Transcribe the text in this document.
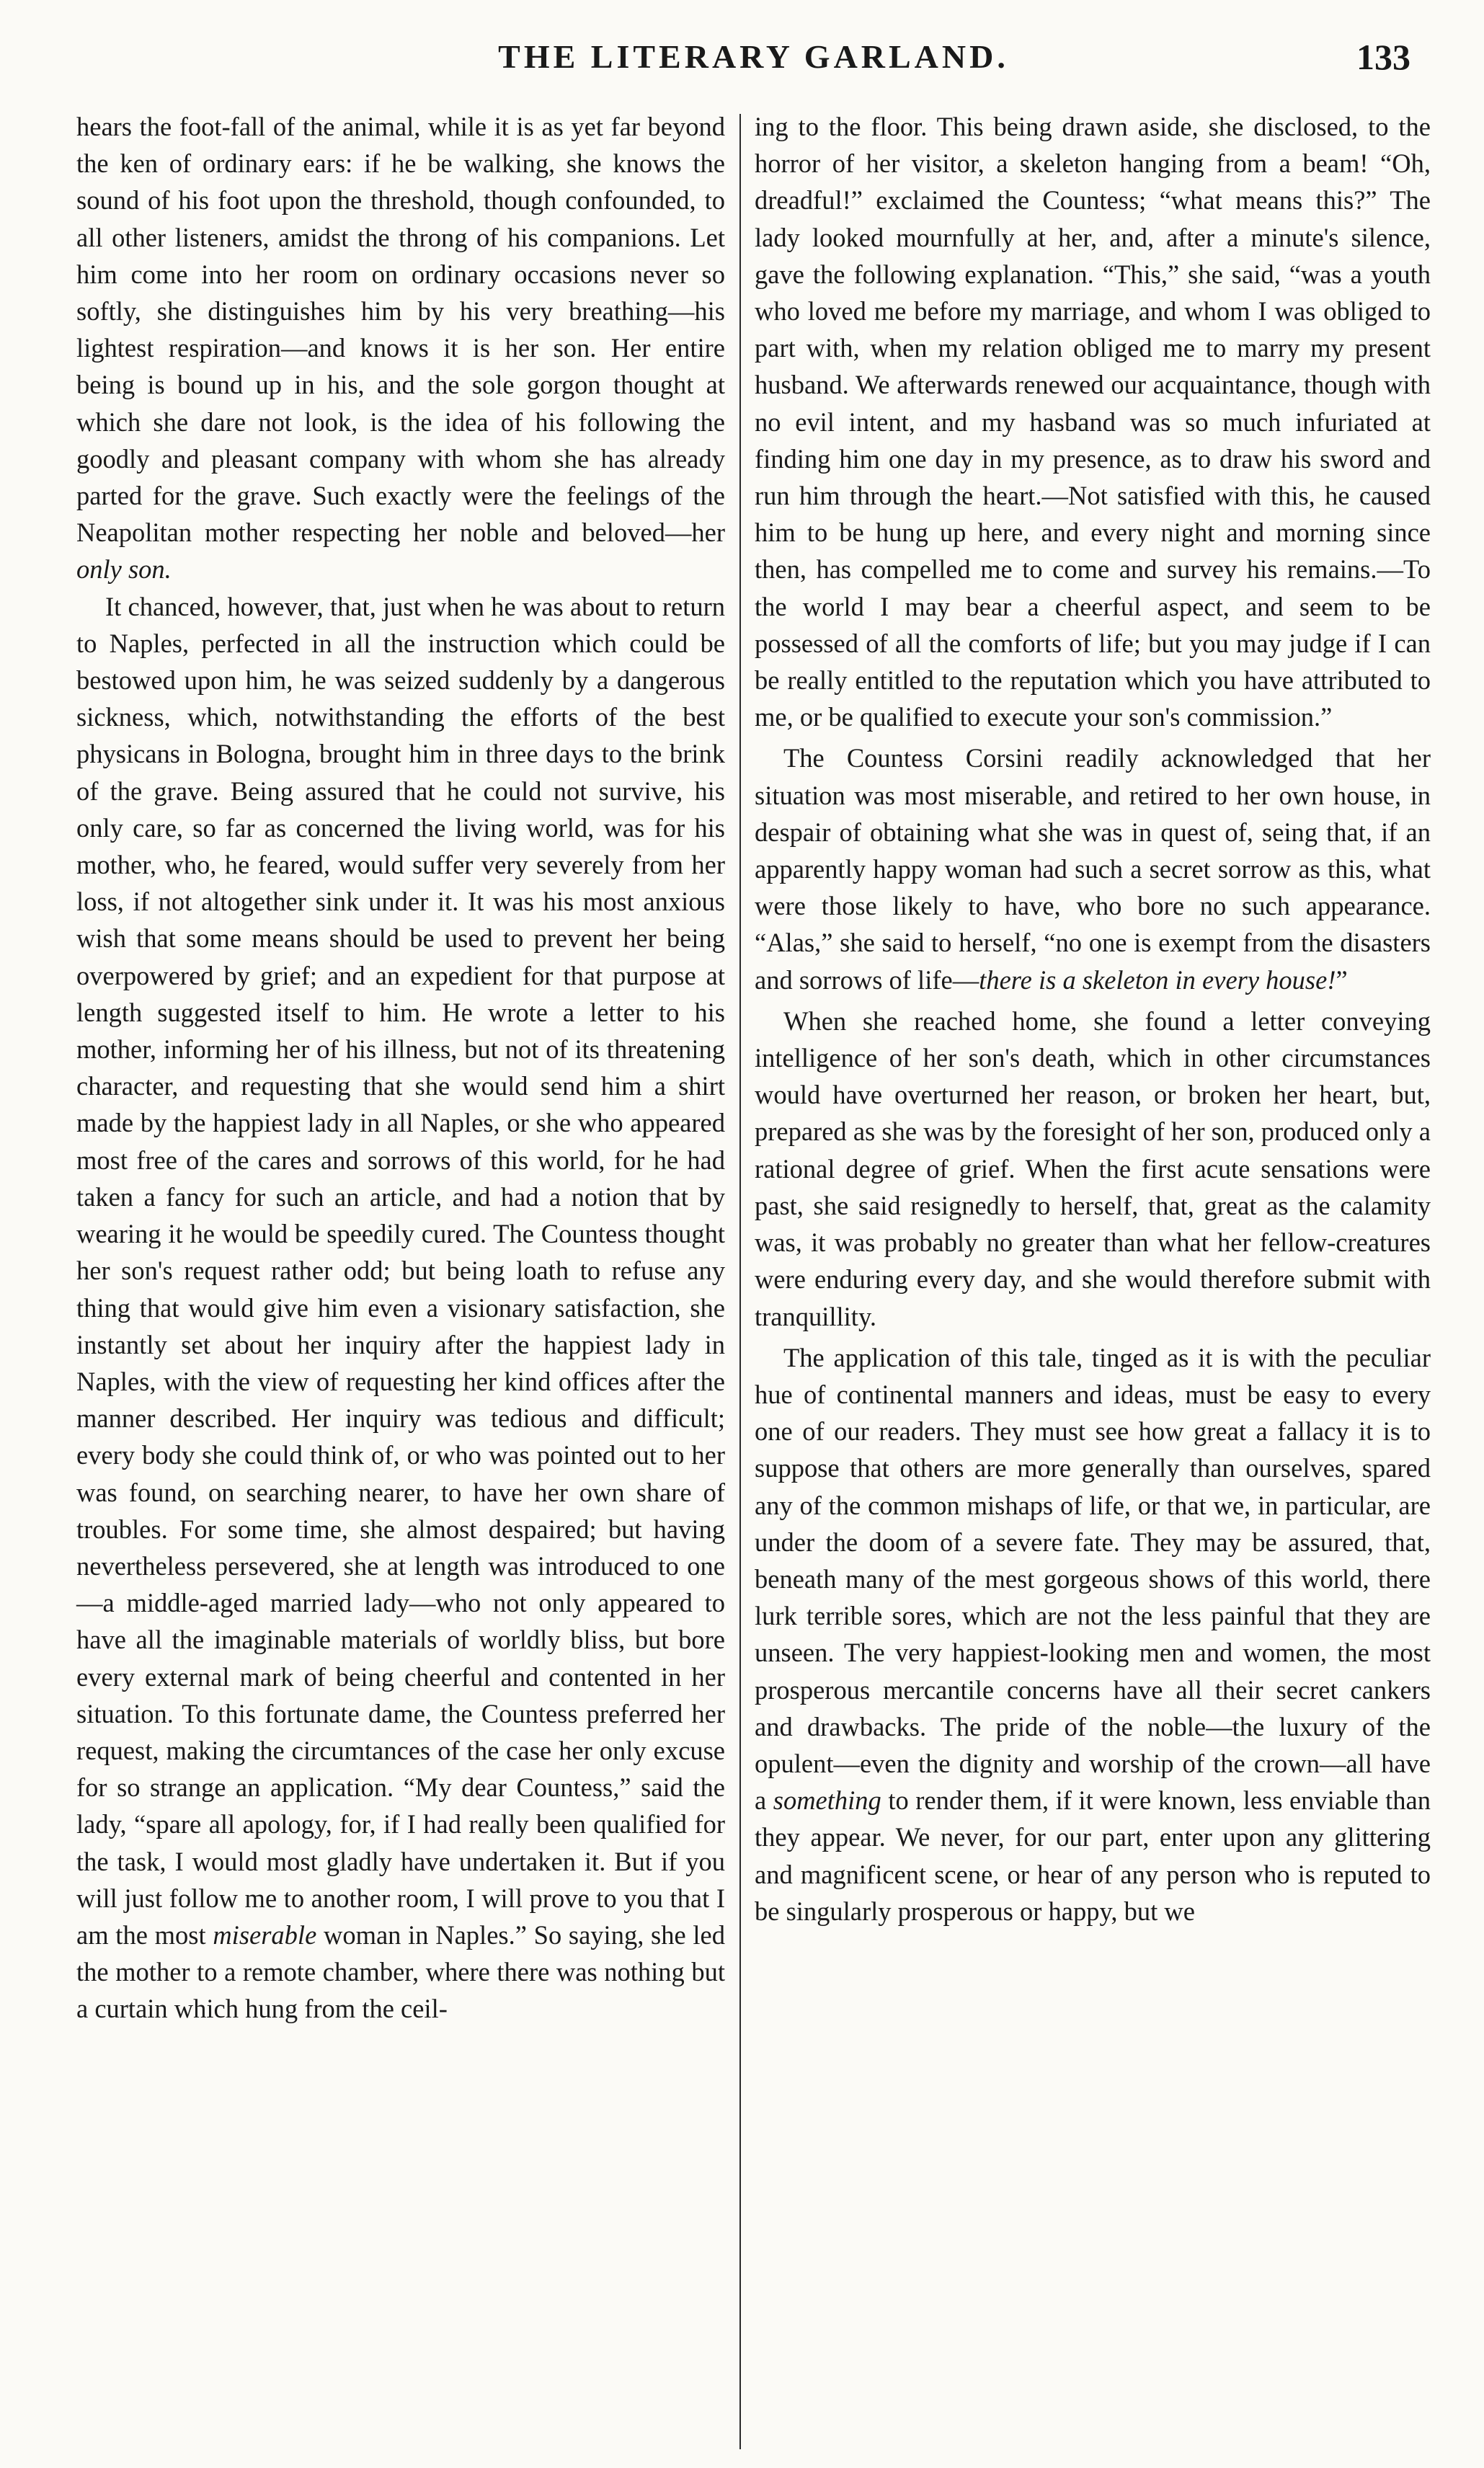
THE LITERARY GARLAND.	133

hears the foot-fall of the animal, while it is as yet far beyond the ken of ordinary ears: if he be walking, she knows the sound of his foot upon the threshold, though confounded, to all other listeners, amidst the throng of his companions. Let him come into her room on ordinary occasions never so softly, she distinguishes him by his very breathing—his lightest respiration—and knows it is her son. Her entire being is bound up in his, and the sole gorgon thought at which she dare not look, is the idea of his following the goodly and pleasant company with whom she has already parted for the grave. Such exactly were the feelings of the Neapolitan mother respecting her noble and beloved—her only son.

It chanced, however, that, just when he was about to return to Naples, perfected in all the instruction which could be bestowed upon him, he was seized suddenly by a dangerous sickness, which, notwithstanding the efforts of the best physicans in Bologna, brought him in three days to the brink of the grave. Being assured that he could not survive, his only care, so far as concerned the living world, was for his mother, who, he feared, would suffer very severely from her loss, if not altogether sink under it. It was his most anxious wish that some means should be used to prevent her being overpowered by grief; and an expedient for that purpose at length suggested itself to him. He wrote a letter to his mother, informing her of his illness, but not of its threatening character, and requesting that she would send him a shirt made by the happiest lady in all Naples, or she who appeared most free of the cares and sorrows of this world, for he had taken a fancy for such an article, and had a notion that by wearing it he would be speedily cured. The Countess thought her son's request rather odd; but being loath to refuse any thing that would give him even a visionary satisfaction, she instantly set about her inquiry after the happiest lady in Naples, with the view of requesting her kind offices after the manner described. Her inquiry was tedious and difficult; every body she could think of, or who was pointed out to her was found, on searching nearer, to have her own share of troubles. For some time, she almost despaired; but having nevertheless persevered, she at length was introduced to one—a middle-aged married lady—who not only appeared to have all the imaginable materials of worldly bliss, but bore every external mark of being cheerful and contented in her situation. To this fortunate dame, the Countess preferred her request, making the circumtances of the case her only excuse for so strange an application. “My dear Countess,” said the lady, “spare all apology, for, if I had really been qualified for the task, I would most gladly have undertaken it. But if you will just follow me to another room, I will prove to you that I am the most miserable woman in Naples.” So saying, she led the mother to a remote chamber, where there was nothing but a curtain which hung from the ceil-

ing to the floor. This being drawn aside, she disclosed, to the horror of her visitor, a skeleton hanging from a beam! “Oh, dreadful!” exclaimed the Countess; “what means this?” The lady looked mournfully at her, and, after a minute's silence, gave the following explanation. “This,” she said, “was a youth who loved me before my marriage, and whom I was obliged to part with, when my relation obliged me to marry my present husband. We afterwards renewed our acquaintance, though with no evil intent, and my hasband was so much infuriated at finding him one day in my presence, as to draw his sword and run him through the heart.—Not satisfied with this, he caused him to be hung up here, and every night and morning since then, has compelled me to come and survey his remains.—To the world I may bear a cheerful aspect, and seem to be possessed of all the comforts of life; but you may judge if I can be really entitled to the reputation which you have attributed to me, or be qualified to execute your son's commission.”

The Countess Corsini readily acknowledged that her situation was most miserable, and retired to her own house, in despair of obtaining what she was in quest of, seing that, if an apparently happy woman had such a secret sorrow as this, what were those likely to have, who bore no such appearance. “Alas,” she said to herself, “no one is exempt from the disasters and sorrows of life—there is a skeleton in every house!”

When she reached home, she found a letter conveying intelligence of her son's death, which in other circumstances would have overturned her reason, or broken her heart, but, prepared as she was by the foresight of her son, produced only a rational degree of grief. When the first acute sensations were past, she said resignedly to herself, that, great as the calamity was, it was probably no greater than what her fellow-creatures were enduring every day, and she would therefore submit with tranquillity.

The application of this tale, tinged as it is with the peculiar hue of continental manners and ideas, must be easy to every one of our readers. They must see how great a fallacy it is to suppose that others are more generally than ourselves, spared any of the common mishaps of life, or that we, in particular, are under the doom of a severe fate. They may be assured, that, beneath many of the mest gorgeous shows of this world, there lurk terrible sores, which are not the less painful that they are unseen. The very happiest-looking men and women, the most prosperous mercantile concerns have all their secret cankers and drawbacks. The pride of the noble—the luxury of the opulent—even the dignity and worship of the crown—all have a something to render them, if it were known, less enviable than they appear. We never, for our part, enter upon any glittering and magnificent scene, or hear of any person who is reputed to be singularly prosperous or happy, but we
